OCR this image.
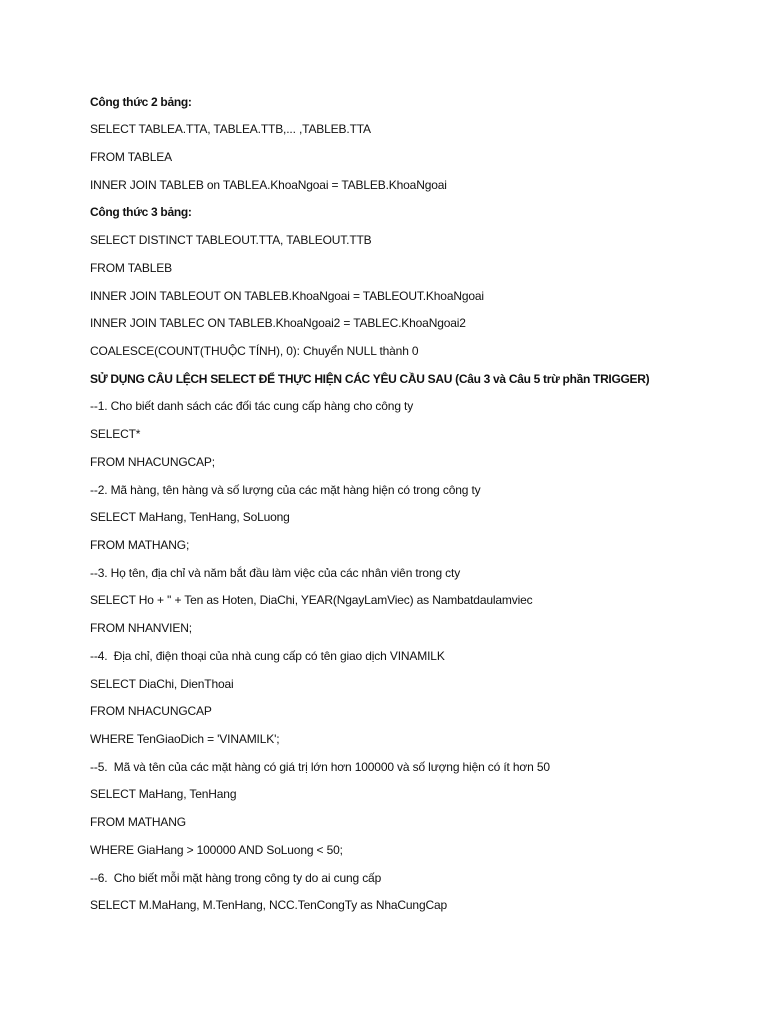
Công thức 2 bảng:
SELECT TABLEA.TTA, TABLEA.TTB,... ,TABLEB.TTA
FROM TABLEA
INNER JOIN TABLEB on TABLEA.KhoaNgoai = TABLEB.KhoaNgoai
Công thức 3 bảng:
SELECT DISTINCT TABLEOUT.TTA, TABLEOUT.TTB
FROM TABLEB
INNER JOIN TABLEOUT ON TABLEB.KhoaNgoai = TABLEOUT.KhoaNgoai
INNER JOIN TABLEC ON TABLEB.KhoaNgoai2 = TABLEC.KhoaNgoai2
COALESCE(COUNT(THUỘC TÍNH), 0): Chuyển NULL thành 0
SỬ DỤNG CÂU LỆCH SELECT ĐỂ THỰC HIỆN CÁC YÊU CẦU SAU (Câu 3 và Câu 5 trừ phần TRIGGER)
--1. Cho biết danh sách các đối tác cung cấp hàng cho công ty
SELECT*
FROM NHACUNGCAP;
--2. Mã hàng, tên hàng và số lượng của các mặt hàng hiện có trong công ty
SELECT MaHang, TenHang, SoLuong
FROM MATHANG;
--3. Họ tên, địa chỉ và năm bắt đầu làm việc của các nhân viên trong cty
SELECT Ho + '' + Ten as Hoten, DiaChi, YEAR(NgayLamViec) as Nambatdaulamviec
FROM NHANVIEN;
--4.  Địa chỉ, điện thoại của nhà cung cấp có tên giao dịch VINAMILK
SELECT DiaChi, DienThoai
FROM NHACUNGCAP
WHERE TenGiaoDich = 'VINAMILK';
--5.  Mã và tên của các mặt hàng có giá trị lớn hơn 100000 và số lượng hiện có ít hơn 50
SELECT MaHang, TenHang
FROM MATHANG
WHERE GiaHang > 100000 AND SoLuong < 50;
--6.  Cho biết mỗi mặt hàng trong công ty do ai cung cấp
SELECT M.MaHang, M.TenHang, NCC.TenCongTy as NhaCungCap
